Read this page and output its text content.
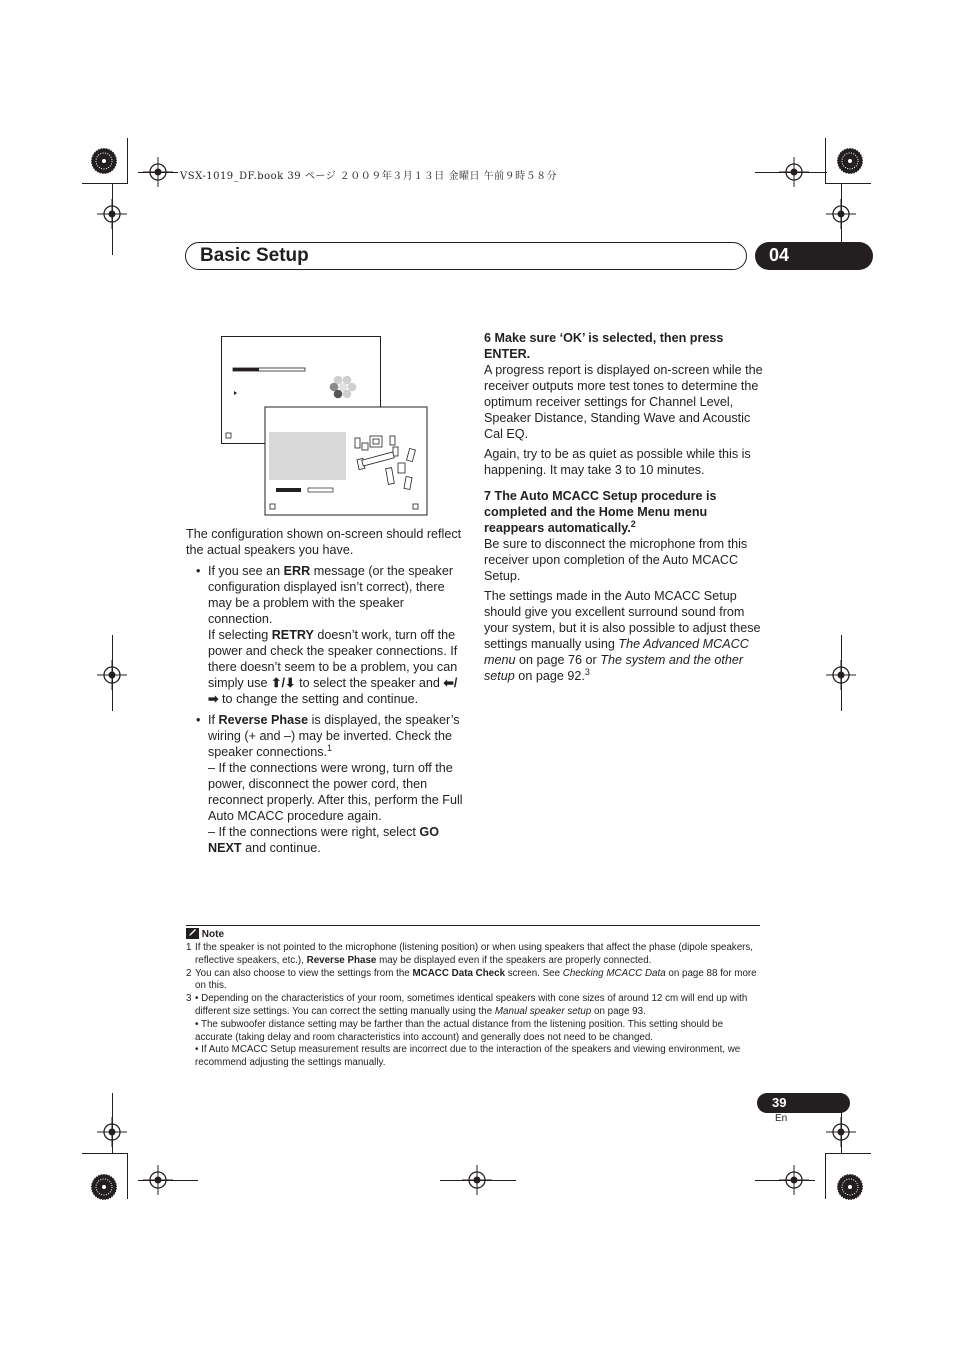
VSX-1019_DF.book 39 ページ ２００９年３月１３日 金曜日 午前９時５８分
Basic Setup	04

The configuration shown on-screen should reflect the actual speakers you have.

• If you see an ERR message (or the speaker configuration displayed isn’t correct), there may be a problem with the speaker connection.
If selecting RETRY doesn’t work, turn off the power and check the speaker connections. If there doesn’t seem to be a problem, you can simply use ⬆/⬇ to select the speaker and ⬅/➡ to change the setting and continue.
• If Reverse Phase is displayed, the speaker’s wiring (+ and –) may be inverted. Check the speaker connections.$^1$
– If the connections were wrong, turn off the power, disconnect the power cord, then reconnect properly. After this, perform the Full Auto MCACC procedure again.
– If the connections were right, select GO NEXT and continue.

6 Make sure ‘OK’ is selected, then press ENTER.

A progress report is displayed on-screen while the receiver outputs more test tones to determine the optimum receiver settings for Channel Level, Speaker Distance, Standing Wave and Acoustic Cal EQ.

Again, try to be as quiet as possible while this is happening. It may take 3 to 10 minutes.

7 The Auto MCACC Setup procedure is completed and the Home Menu menu reappears automatically.$^2$

Be sure to disconnect the microphone from this receiver upon completion of the Auto MCACC Setup.

The settings made in the Auto MCACC Setup should give you excellent surround sound from your system, but it is also possible to adjust these settings manually using The Advanced MCACC menu on page 76 or The system and the other setup on page 92.$^3$

Note
1 If the speaker is not pointed to the microphone (listening position) or when using speakers that affect the phase (dipole speakers, reflective speakers, etc.), Reverse Phase may be displayed even if the speakers are properly connected.
2 You can also choose to view the settings from the MCACC Data Check screen. See Checking MCACC Data on page 88 for more on this.
3 • Depending on the characteristics of your room, sometimes identical speakers with cone sizes of around 12 cm will end up with different size settings. You can correct the setting manually using the Manual speaker setup on page 93.
• The subwoofer distance setting may be farther than the actual distance from the listening position. This setting should be accurate (taking delay and room characteristics into account) and generally does not need to be changed.
• If Auto MCACC Setup measurement results are incorrect due to the interaction of the speakers and viewing environment, we recommend adjusting the settings manually.
39
En
